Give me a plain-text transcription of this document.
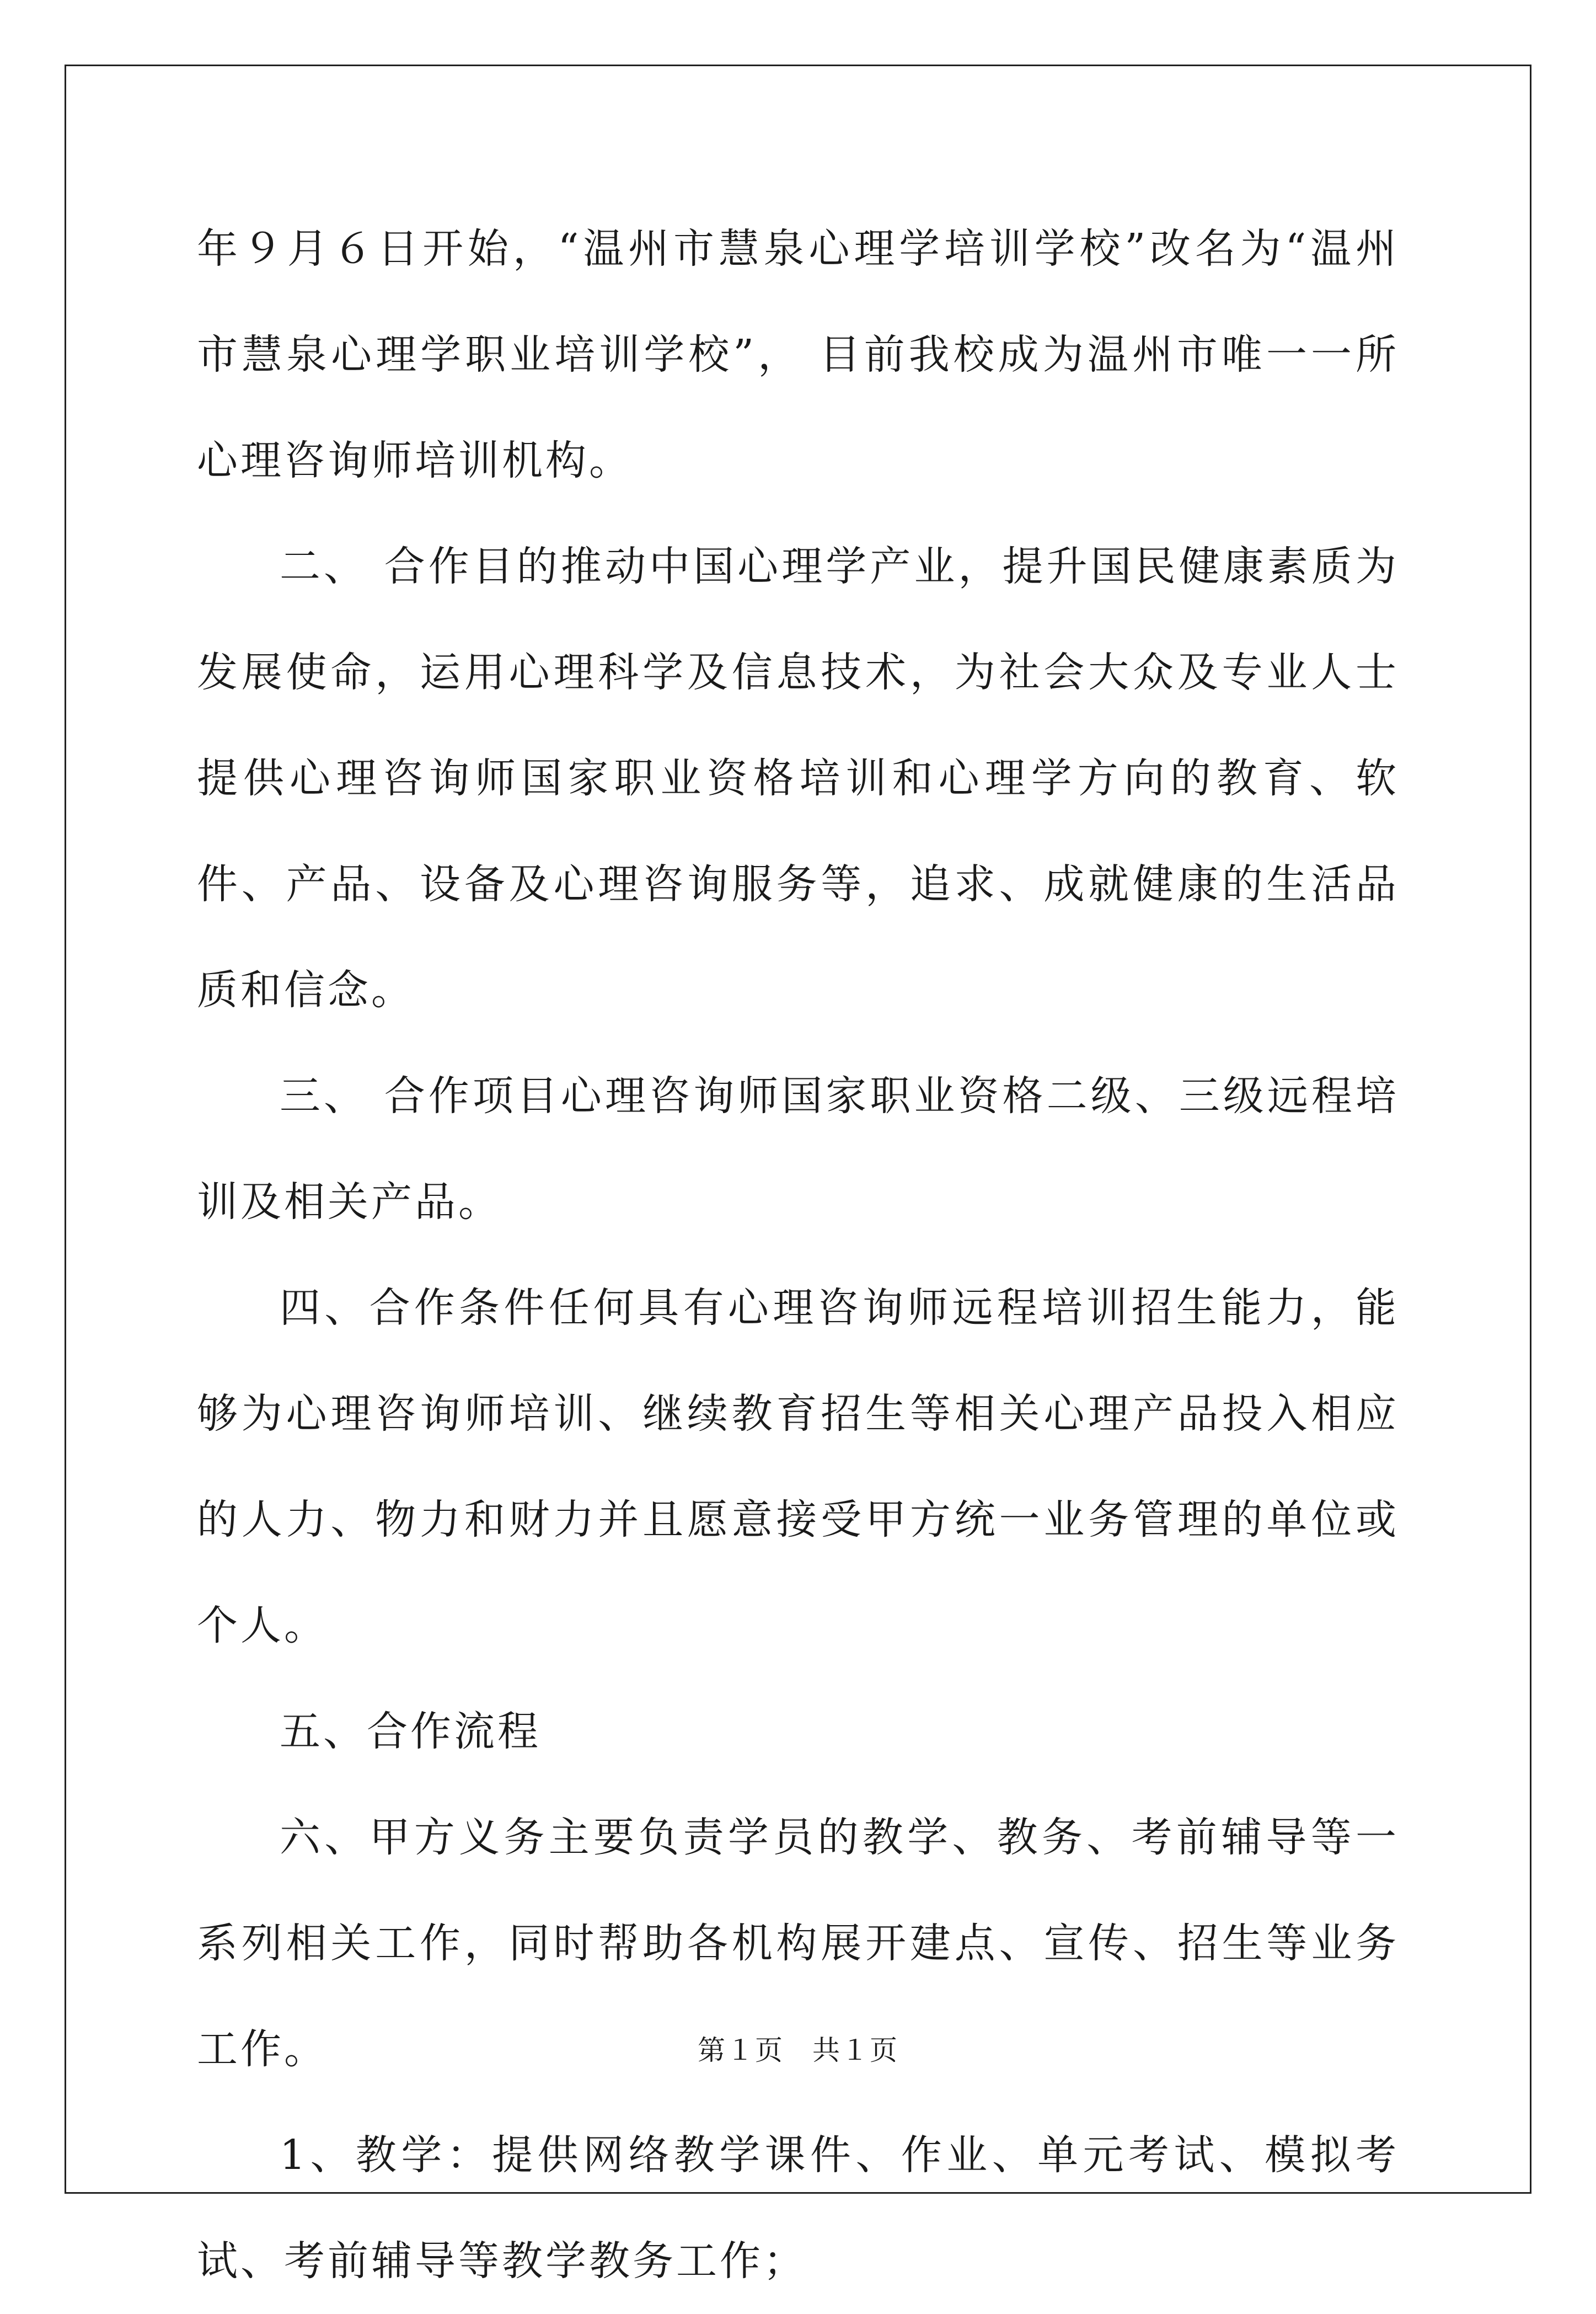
年９月６日开始，“温州市慧泉心理学培训学校”改名为“温州市慧泉心理学职业培训学校”， 目前我校成为温州市唯一一所心理咨询师培训机构。

二、 合作目的推动中国心理学产业，提升国民健康素质为发展使命，运用心理科学及信息技术，为社会大众及专业人士提供心理咨询师国家职业资格培训和心理学方向的教育、软件、产品、设备及心理咨询服务等，追求、成就健康的生活品质和信念。

三、 合作项目心理咨询师国家职业资格二级、三级远程培训及相关产品。

四、合作条件任何具有心理咨询师远程培训招生能力，能够为心理咨询师培训、继续教育招生等相关心理产品投入相应的人力、物力和财力并且愿意接受甲方统一业务管理的单位或个人。

五、合作流程

六、甲方义务主要负责学员的教学、教务、考前辅导等一系列相关工作，同时帮助各机构展开建点、宣传、招生等业务工作。

1、教学：提供网络教学课件、作业、单元考试、模拟考试、考前辅导等教学教务工作；

第１页　共１页
